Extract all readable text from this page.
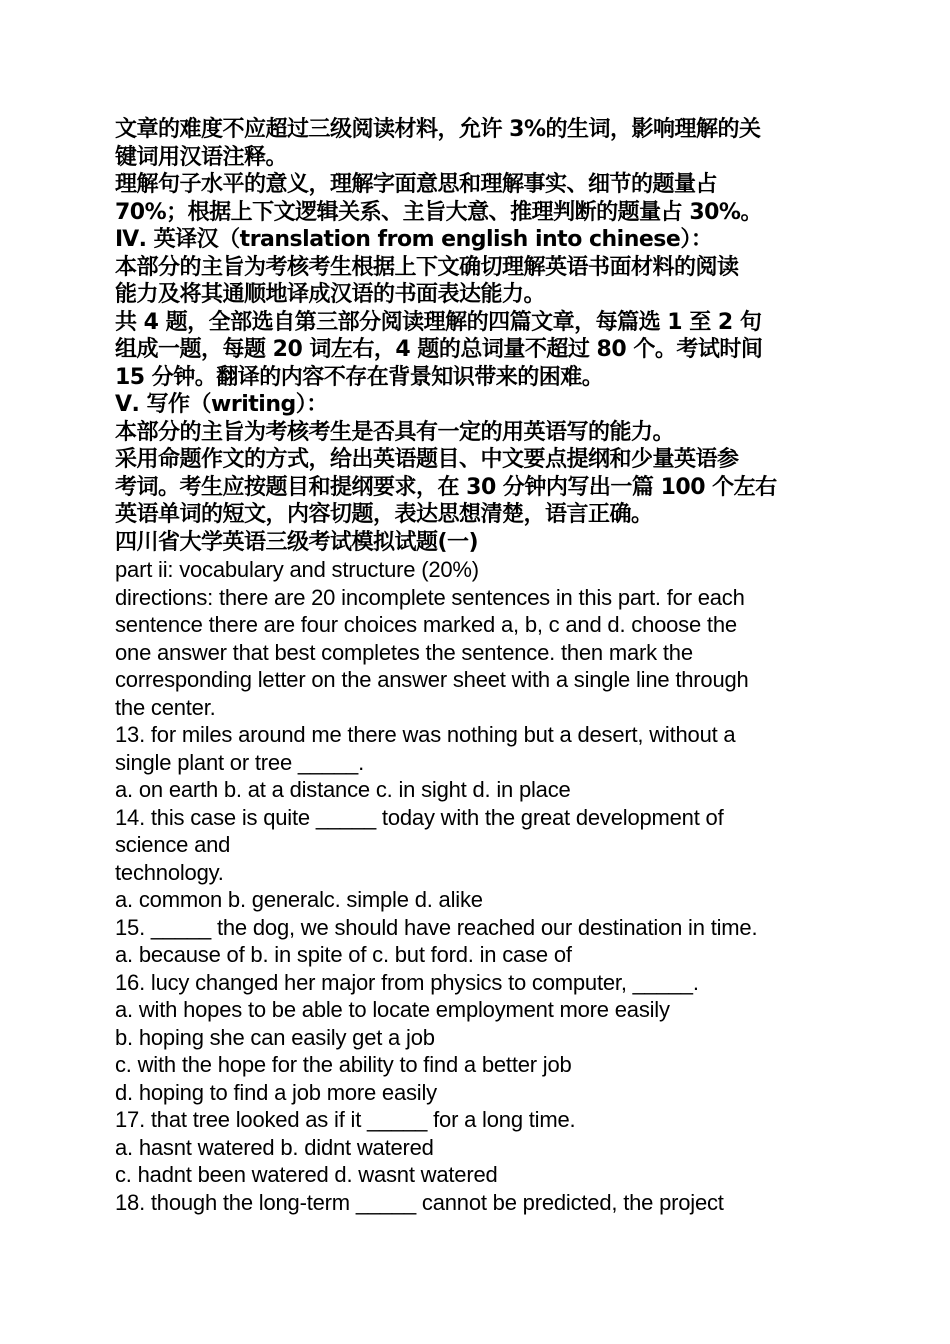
文章的难度不应超过三级阅读材料，允许 3%的生词，影响理解的关
键词用汉语注释。
理解句子水平的意义，理解字面意思和理解事实、细节的题量占
70%；根据上下文逻辑关系、主旨大意、推理判断的题量占 30%。
Ⅳ. 英译汉（translation from english into chinese）：
本部分的主旨为考核考生根据上下文确切理解英语书面材料的阅读
能力及将其通顺地译成汉语的书面表达能力。
共 4 题，全部选自第三部分阅读理解的四篇文章，每篇选 1 至 2 句
组成一题，每题 20 词左右，4 题的总词量不超过 80 个。考试时间
15 分钟。翻译的内容不存在背景知识带来的困难。
Ⅴ. 写作（writing）：
本部分的主旨为考核考生是否具有一定的用英语写的能力。
采用命题作文的方式，给出英语题目、中文要点提纲和少量英语参
考词。考生应按题目和提纲要求，在 30 分钟内写出一篇 100 个左右
英语单词的短文，内容切题，表达思想清楚，语言正确。
四川省大学英语三级考试模拟试题(一)
part ii: vocabulary and structure (20%)
directions: there are 20 incomplete sentences in this part. for each
sentence there are four choices marked a, b, c and d. choose the
one answer that best completes the sentence. then mark the
corresponding letter on the answer sheet with a single line through
the center.
13. for miles around me there was nothing but a desert, without a
single plant or tree _____.
a. on earth b. at a distance c. in sight d. in place
14. this case is quite _____ today with the great development of
science and
technology.
a. common b. generalc. simple d. alike
15. _____ the dog, we should have reached our destination in time.
a. because of b. in spite of c. but ford. in case of
16. lucy changed her major from physics to computer, _____.
a. with hopes to be able to locate employment more easily
b. hoping she can easily get a job
c. with the hope for the ability to find a better job
d. hoping to find a job more easily
17. that tree looked as if it _____ for a long time.
a. hasnt watered b. didnt watered
c. hadnt been watered d. wasnt watered
18. though the long-term _____ cannot be predicted, the project
